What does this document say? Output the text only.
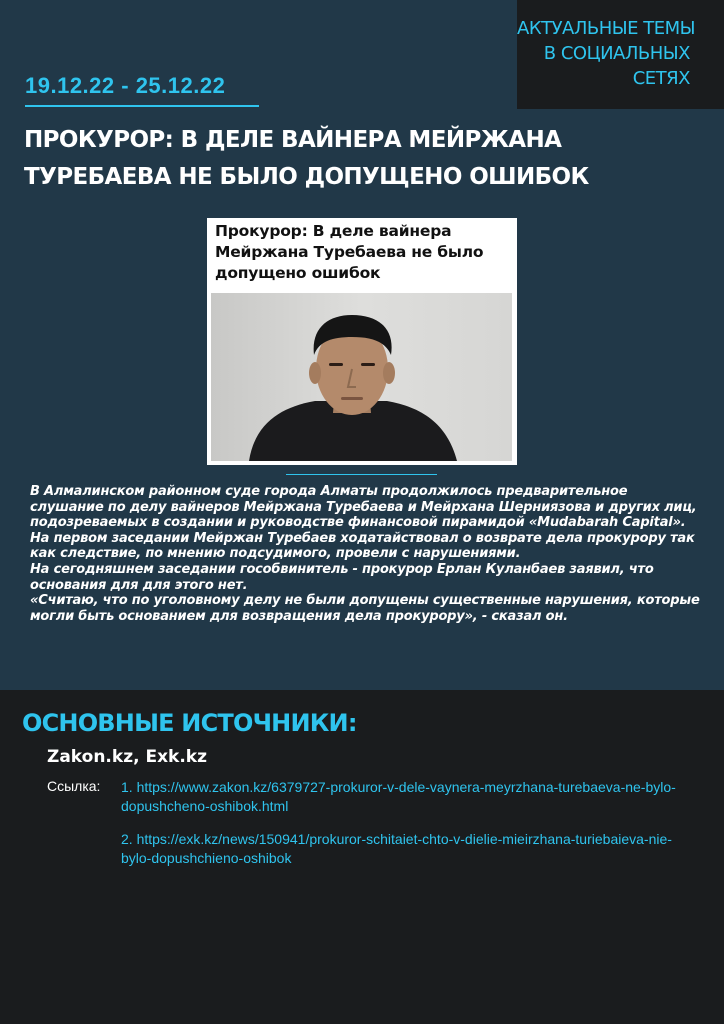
АКТУАЛЬНЫЕ ТЕМЫ
В СОЦИАЛЬНЫХ
СЕТЯХ
19.12.22 - 25.12.22
ПРОКУРОР: В ДЕЛЕ ВАЙНЕРА МЕЙРЖАНА ТУРЕБАЕВА НЕ БЫЛО ДОПУЩЕНО ОШИБОК
Прокурор: В деле вайнера Мейржана Туребаева не было допущено ошибок

В Алмалинском районном суде города Алматы продолжилось предварительное слушание по делу вайнеров Мейржана Туребаева и Мейрхана Шерниязова и других лиц, подозреваемых в создании и руководстве финансовой пирамидой «Mudabarah Capital».

На первом заседании Мейржан Туребаев ходатайствовал о возврате дела прокурору так как следствие, по мнению подсудимого, провели с нарушениями.

На сегодняшнем заседании гособвинитель - прокурор Ерлан Куланбаев заявил, что основания для для этого нет.

«Считаю, что по уголовному делу не были допущены существенные нарушения, которые могли быть основанием для возвращения дела прокурору», - сказал он.

ОСНОВНЫЕ ИСТОЧНИКИ:
Zakon.kz, Exk.kz
Ссылка: 1. https://www.zakon.kz/6379727-prokuror-v-dele-vaynera-meyrzhana-turebaeva-ne-bylo-dopushcheno-oshibok.html
2. https://exk.kz/news/150941/prokuror-schitaiet-chto-v-dielie-mieirzhana-turiebaieva-nie-bylo-dopushchieno-oshibok
